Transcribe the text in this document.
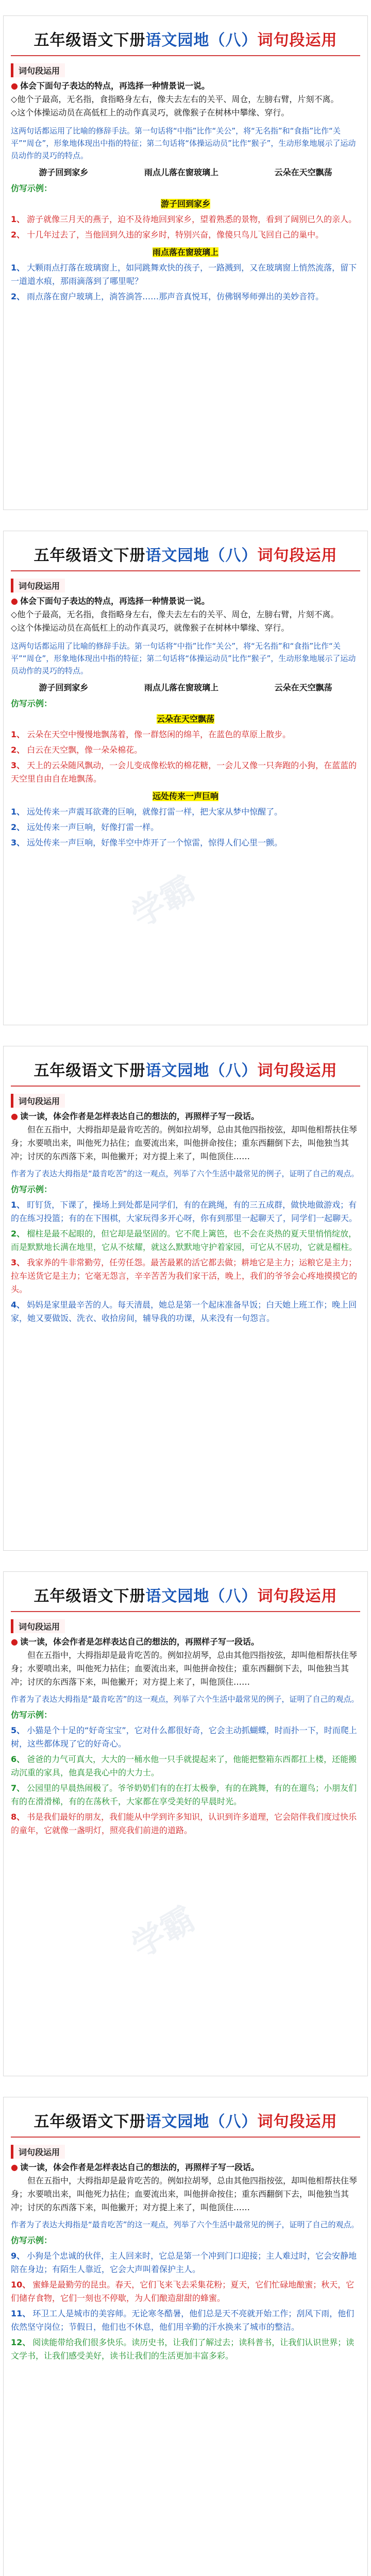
五年级语文下册语文园地（八）词句段运用
词句段运用
● 体会下面句子表达的特点，再选择一种情景说一说。
◇他个子最高，无名指，食指略身左右，像夫去左右的关平、周仓，左膀右臂，片刻不离。
◇这个体操运动员在高低杠上的动作真灵巧，就像猴子在树林中攀缘、穿行。
这两句话都运用了比喻的修辞手法。第一句话将“中指”比作“关公”，将“无名指”和“食指”比作“关平”“周仓”，形象地体现出中指的特征；第二句话将“体操运动员”比作“猴子”，生动形象地展示了运动员动作的灵巧的特点。
游子回到家乡	雨点儿落在窗玻璃上	云朵在天空飘荡
仿写示例：
游子回到家乡
1、 游子就像三月天的燕子，迫不及待地回到家乡，望着熟悉的景物，看到了阔别已久的亲人。
2、 十几年过去了，当他回到久违的家乡时，特别兴奋，像傻只鸟儿飞回自己的巢中。
雨点落在窗玻璃上
1、 大颗雨点打落在玻璃窗上，如同跳舞欢快的孩子，一路溅到，又在玻璃窗上悄然流落，留下一道道水痕，那雨滴落到了哪里呢？
2、 雨点落在窗户玻璃上，淌答淌答……那声音真悦耳，仿佛钢琴师弹出的美妙音符。
五年级语文下册语文园地（八）词句段运用
词句段运用
● 体会下面句子表达的特点，再选择一种情景说一说。
◇他个子最高，无名指，食指略身左右，像夫去左右的关平、周仓，左膀右臂，片刻不离。
◇这个体操运动员在高低杠上的动作真灵巧，就像猴子在树林中攀缘、穿行。
这两句话都运用了比喻的修辞手法。第一句话将“中指”比作“关公”，将“无名指”和“食指”比作“关平”“周仓”，形象地体现出中指的特征；第二句话将“体操运动员”比作“猴子”，生动形象地展示了运动员动作的灵巧的特点。
游子回到家乡	雨点儿落在窗玻璃上	云朵在天空飘荡
仿写示例：
云朵在天空飘荡
1、 云朵在天空中慢慢地飘荡着，像一群悠闲的绵羊，在蓝色的草原上散步。
2、 白云在天空飘，像一朵朵棉花。
3、 天上的云朵随风飘动，一会儿变成像松软的棉花糖，一会儿又像一只奔跑的小狗，在蓝蓝的天空里自由自在地飘荡。
远处传来一声巨响
1、 远处传来一声震耳欲聋的巨响，就像打雷一样，把大家从梦中惊醒了。
2、 远处传来一声巨响，好像打雷一样。
3、 远处传来一声巨响，好像半空中炸开了一个惊雷，惊得人们心里一颤。
五年级语文下册语文园地（八）词句段运用
词句段运用
● 读一读，体会作者是怎样表达自己的想法的，再照样子写一段话。
但在五指中，大拇指却是最肯吃苦的。例如拉胡琴，总由其他四指按弦，却叫他相帮扶住琴身；水要喷出来，叫他死力拈住；血要流出来，叫他拼命按住；重东西翻倒下去，叫他独当其冲；讨厌的东西落下来，叫他撇开；对方提上来了，叫他顶住……
作者为了表达大拇指是“最肯吃苦”的这一观点，列举了六个生活中最常见的例子，证明了自己的观点。
仿写示例：
1、 盯钉货，下课了，操场上到处都是同学们，有的在跳绳，有的三五成群，做快地做游戏；有的在练习投篮；有的在下围棋，大家玩得多开心呀，你有到那里一起聊天了，同学们一起聊天。
2、 榴柱是最不起眼的，但它却是最坚固的。它不爬上篱笆，也不会在炎热的夏天里悄悄绽放，而是默默地长满在地里，它从不炫耀，就这么默默地守护着家园，可它从不居功，它就是榴柱。
3、 我家养的牛非常勤劳，任劳任怨。最苦最累的活它都去做；耕地它是主力；运粮它是主力；拉车送货它是主力；它毫无怨言，辛辛苦苦为我们家干活，晚上，我们的爷爷会心疼地摸摸它的头。
4、 妈妈是家里最辛苦的人。每天清晨，她总是第一个起床准备早饭；白天她上班工作；晚上回家，她又要做饭、洗衣、收拾房间，辅导我的功课，从来没有一句怨言。
五年级语文下册语文园地（八）词句段运用
词句段运用
● 读一读，体会作者是怎样表达自己的想法的，再照样子写一段话。
但在五指中，大拇指却是最肯吃苦的。例如拉胡琴，总由其他四指按弦，却叫他相帮扶住琴身；水要喷出来，叫他死力拈住；血要流出来，叫他拼命按住；重东西翻倒下去，叫他独当其冲；讨厌的东西落下来，叫他撇开；对方提上来了，叫他顶住……
作者为了表达大拇指是“最肯吃苦”的这一观点，列举了六个生活中最常见的例子，证明了自己的观点。
仿写示例：
5、 小猫是个十足的“好奇宝宝”，它对什么都很好奇，它会主动抓蝴蝶，时而扑一下，时而爬上树，这些都体现了它的好奇心。
6、 爸爸的力气可真大，大大的一桶水他一只手就提起来了，他能把整箱东西都扛上楼，还能搬动沉重的家具，他真是我心中的大力士。
7、 公园里的早晨热闹极了。爷爷奶奶们有的在打太极拳，有的在跳舞，有的在遛鸟；小朋友们有的在滑滑梯，有的在荡秋千，大家都在享受美好的早晨时光。
8、 书是我们最好的朋友，我们能从中学到许多知识，认识到许多道理，它会陪伴我们度过快乐的童年，它就像一盏明灯，照亮我们前进的道路。
五年级语文下册语文园地（八）词句段运用
词句段运用
● 读一读，体会作者是怎样表达自己的想法的，再照样子写一段话。
但在五指中，大拇指却是最肯吃苦的。例如拉胡琴，总由其他四指按弦，却叫他相帮扶住琴身；水要喷出来，叫他死力拈住；血要流出来，叫他拼命按住；重东西翻倒下去，叫他独当其冲；讨厌的东西落下来，叫他撇开；对方提上来了，叫他顶住……
作者为了表达大拇指是“最肯吃苦”的这一观点，列举了六个生活中最常见的例子，证明了自己的观点。
仿写示例：
9、 小狗是个忠诚的伙伴，主人回来时，它总是第一个冲到门口迎接；主人难过时，它会安静地陪在身边；有陌生人靠近，它会大声叫着保护主人。
10、 蜜蜂是最勤劳的昆虫。春天，它们飞来飞去采集花粉；夏天，它们忙碌地酿蜜；秋天，它们储存食物，它们一刻也不停歇，为人们酿造甜甜的蜂蜜。
11、 环卫工人是城市的美容师。无论寒冬酷暑，他们总是天不亮就开始工作；刮风下雨，他们依然坚守岗位；节假日，他们也不休息，他们用辛勤的汗水换来了城市的整洁。
12、 阅读能带给我们很多快乐。读历史书，让我们了解过去；读科普书，让我们认识世界；读文学书，让我们感受美好，读书让我们的生活更加丰富多彩。
